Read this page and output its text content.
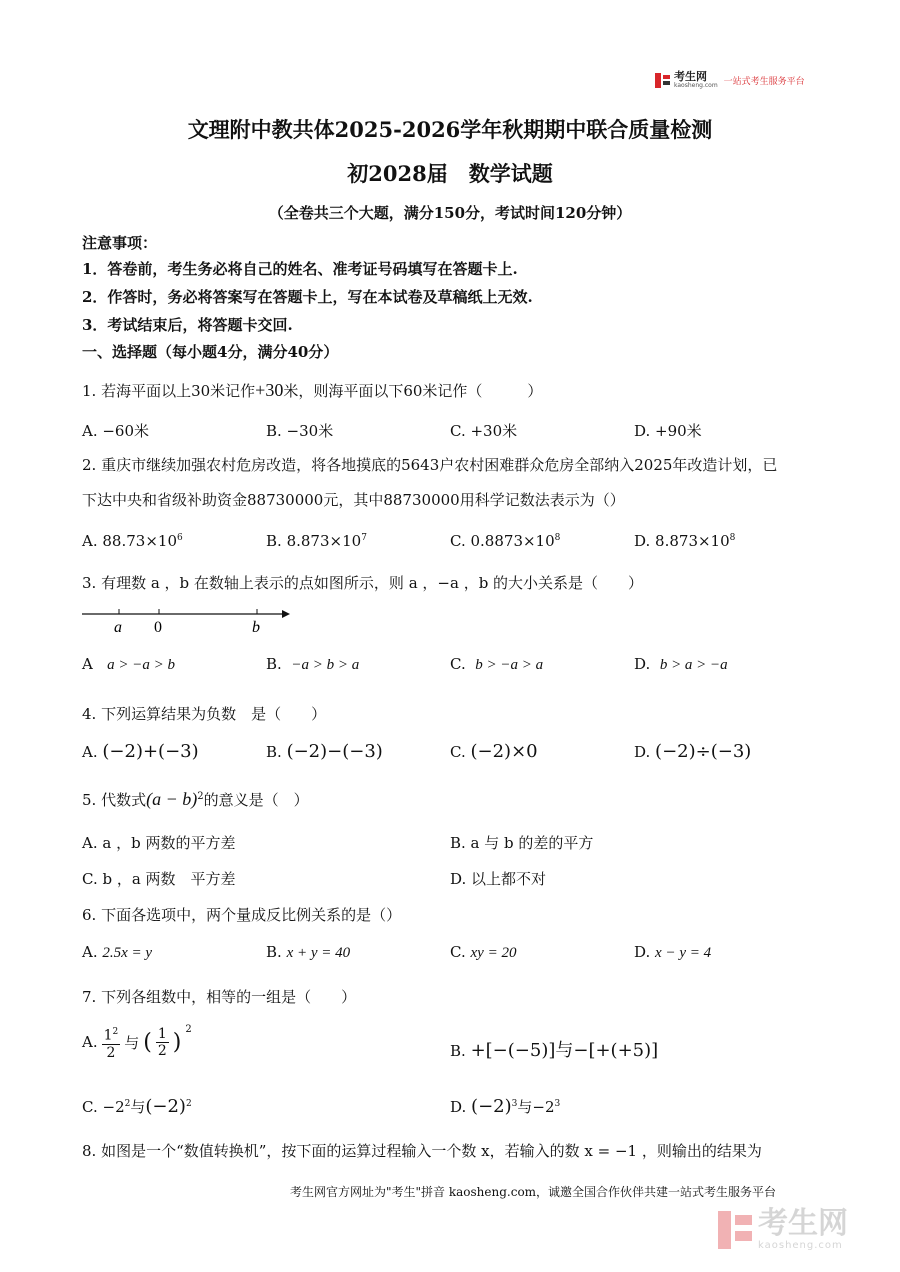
考生网
kaosheng.com 一站式考生服务平台
文理附中教共体2025-2026学年秋期期中联合质量检测
初2028届　数学试题
（全卷共三个大题，满分150分，考试时间120分钟）
注意事项：
1．答卷前，考生务必将自己的姓名、准考证号码填写在答题卡上.
2．作答时，务必将答案写在答题卡上，写在本试卷及草稿纸上无效.
3．考试结束后，将答题卡交回.
一、选择题（每小题4分，满分40分）
1. 若海平面以上30米记作+30米，则海平面以下60米记作（　　　）
A. −60米	B. −30米	C. +30米	D. +90米
2. 重庆市继续加强农村危房改造，将各地摸底的5643户农村困难群众危房全部纳入2025年改造计划，已
下达中央和省级补助资金88730000元，其中88730000用科学记数法表示为（）
A. $88.73\times 10^6$	B. $8.873\times 10^7$	C. $0.8873\times 10^8$	D. $8.873\times 10^8$
3. 有理数 a ，b 在数轴上表示的点如图所示，则 a ，−a ，b 的大小关系是（　　）
a 0	b
A a > −a > b	B. −a > b > a	C. b > −a > a	D. b > a > −a
4. 下列运算结果为负数　是（　　）
A. (−2)+(−3)	B. (−2)−(−3)	C. (−2)×0	D. (−2)÷(−3)
5. 代数式$(a - b)^2$的意义是（　）
A. a ，b 两数的平方差	B. a 与 b 的差的平方
C. b ，a 两数　平方差	D. 以上都不对
6. 下面各选项中，两个量成反比例关系的是（）
A. 2.5x = y	B. x + y = 40	C. xy = 20	D. x − y = 4
7. 下列各组数中，相等的一组是（　　）
A. $\frac{1^2}{2}$ 与 ( $\frac{1}{2}$ )
$^2$
B. +[−(−5)]与−[+(+5)]
C. $-2^2$与$(-2)^2$	D. $(-2)^3$与$-2^3$
8. 如图是一个“数值转换机”，按下面的运算过程输入一个数 x，若输入的数 x = −1 ，则输出的结果为
考生网官方网址为"考生"拼音 kaosheng.com，诚邀全国合作伙伴共建一站式考生服务平台
考生网
kaosheng.com
